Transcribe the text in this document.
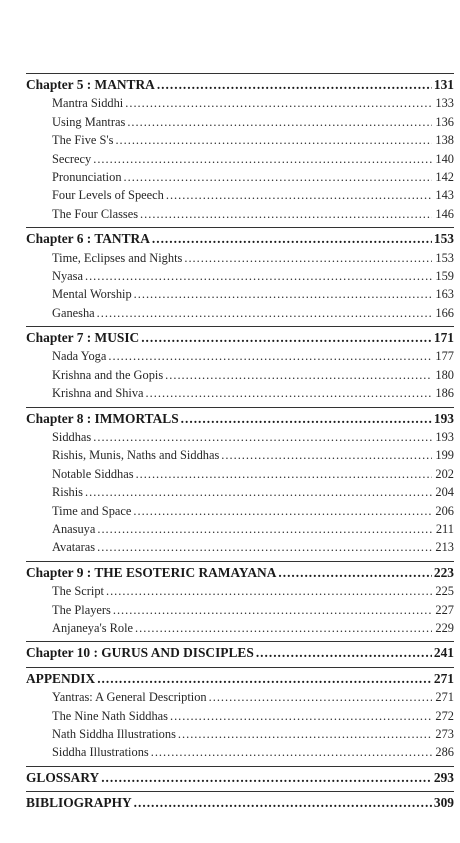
Chapter 5 : MANTRA .....	131
Mantra Siddhi .....	133
Using Mantras .....	136
The Five S's .....	138
Secrecy .....	140
Pronunciation .....	142
Four Levels of Speech .....	143
The Four Classes .....	146
Chapter 6 : TANTRA .....	153
Time, Eclipses and Nights .....	153
Nyasa .....	159
Mental Worship .....	163
Ganesha .....	166
Chapter 7 : MUSIC .....	171
Nada Yoga .....	177
Krishna and the Gopis .....	180
Krishna and Shiva .....	186
Chapter 8 : IMMORTALS .....	193
Siddhas .....	193
Rishis, Munis, Naths and Siddhas .....	199
Notable Siddhas .....	202
Rishis .....	204
Time and Space .....	206
Anasuya .....	211
Avataras .....	213
Chapter 9 : THE ESOTERIC RAMAYANA .....	223
The Script .....	225
The Players .....	227
Anjaneya's Role .....	229
Chapter 10 : GURUS AND DISCIPLES .....	241
APPENDIX .....	271
Yantras: A General Description .....	271
The Nine Nath Siddhas .....	272
Nath Siddha Illustrations .....	273
Siddha Illustrations .....	286
GLOSSARY .....	293
BIBLIOGRAPHY .....	309
